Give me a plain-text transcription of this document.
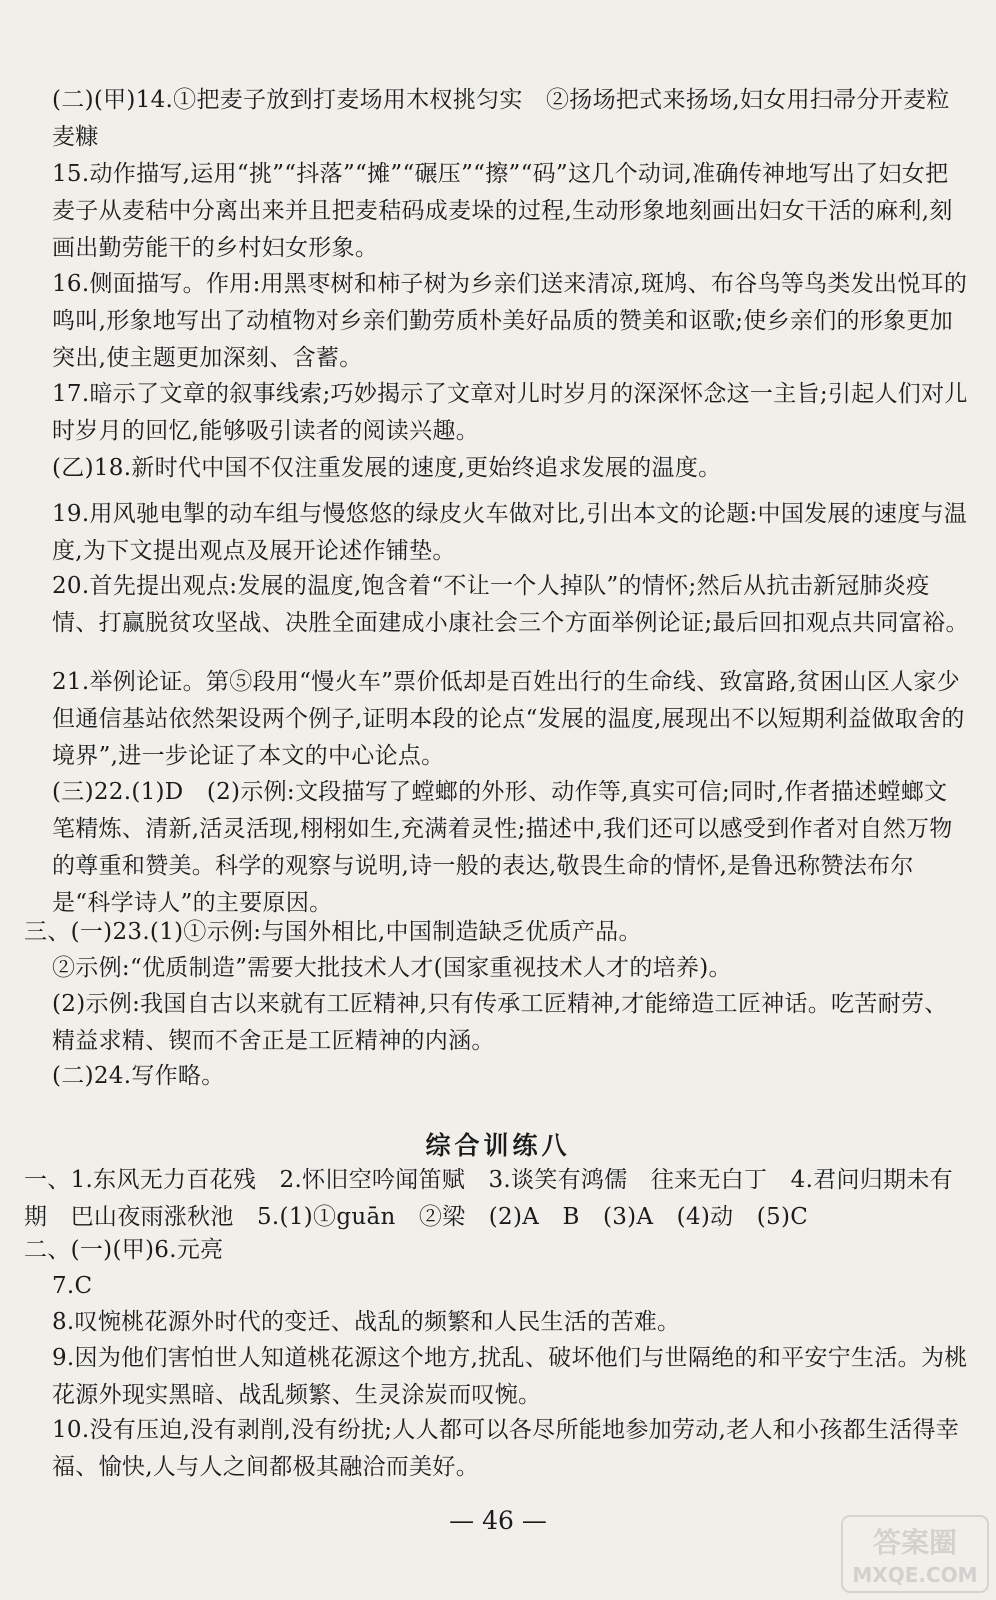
(二)(甲)14.①把麦子放到打麦场用木杈挑匀实　②扬场把式来扬场,妇女用扫帚分开麦粒麦糠
15.动作描写,运用“挑”“抖落”“摊”“碾压”“擦”“码”这几个动词,准确传神地写出了妇女把麦子从麦秸中分离出来并且把麦秸码成麦垛的过程,生动形象地刻画出妇女干活的麻利,刻画出勤劳能干的乡村妇女形象。
16.侧面描写。作用:用黑枣树和柿子树为乡亲们送来清凉,斑鸠、布谷鸟等鸟类发出悦耳的鸣叫,形象地写出了动植物对乡亲们勤劳质朴美好品质的赞美和讴歌;使乡亲们的形象更加突出,使主题更加深刻、含蓄。
17.暗示了文章的叙事线索;巧妙揭示了文章对儿时岁月的深深怀念这一主旨;引起人们对儿时岁月的回忆,能够吸引读者的阅读兴趣。
(乙)18.新时代中国不仅注重发展的速度,更始终追求发展的温度。
19.用风驰电掣的动车组与慢悠悠的绿皮火车做对比,引出本文的论题:中国发展的速度与温度,为下文提出观点及展开论述作铺垫。
20.首先提出观点:发展的温度,饱含着“不让一个人掉队”的情怀;然后从抗击新冠肺炎疫情、打赢脱贫攻坚战、决胜全面建成小康社会三个方面举例论证;最后回扣观点共同富裕。
21.举例论证。第⑤段用“慢火车”票价低却是百姓出行的生命线、致富路,贫困山区人家少但通信基站依然架设两个例子,证明本段的论点“发展的温度,展现出不以短期利益做取舍的境界”,进一步论证了本文的中心论点。
(三)22.(1)D　(2)示例:文段描写了螳螂的外形、动作等,真实可信;同时,作者描述螳螂文笔精炼、清新,活灵活现,栩栩如生,充满着灵性;描述中,我们还可以感受到作者对自然万物的尊重和赞美。科学的观察与说明,诗一般的表达,敬畏生命的情怀,是鲁迅称赞法布尔是“科学诗人”的主要原因。
三、(一)23.(1)①示例:与国外相比,中国制造缺乏优质产品。
②示例:“优质制造”需要大批技术人才(国家重视技术人才的培养)。
(2)示例:我国自古以来就有工匠精神,只有传承工匠精神,才能缔造工匠神话。吃苦耐劳、精益求精、锲而不舍正是工匠精神的内涵。
(二)24.写作略。
综合训练八
一、1.东风无力百花残　2.怀旧空吟闻笛赋　3.谈笑有鸿儒　往来无白丁　4.君问归期未有期　巴山夜雨涨秋池　5.(1)①guān　②梁　(2)A　B　(3)A　(4)动　(5)C
二、(一)(甲)6.元亮
7.C
8.叹惋桃花源外时代的变迁、战乱的频繁和人民生活的苦难。
9.因为他们害怕世人知道桃花源这个地方,扰乱、破坏他们与世隔绝的和平安宁生活。为桃花源外现实黑暗、战乱频繁、生灵涂炭而叹惋。
10.没有压迫,没有剥削,没有纷扰;人人都可以各尽所能地参加劳动,老人和小孩都生活得幸福、愉快,人与人之间都极其融洽而美好。
— 46 —
答案圈
MXQE.COM
